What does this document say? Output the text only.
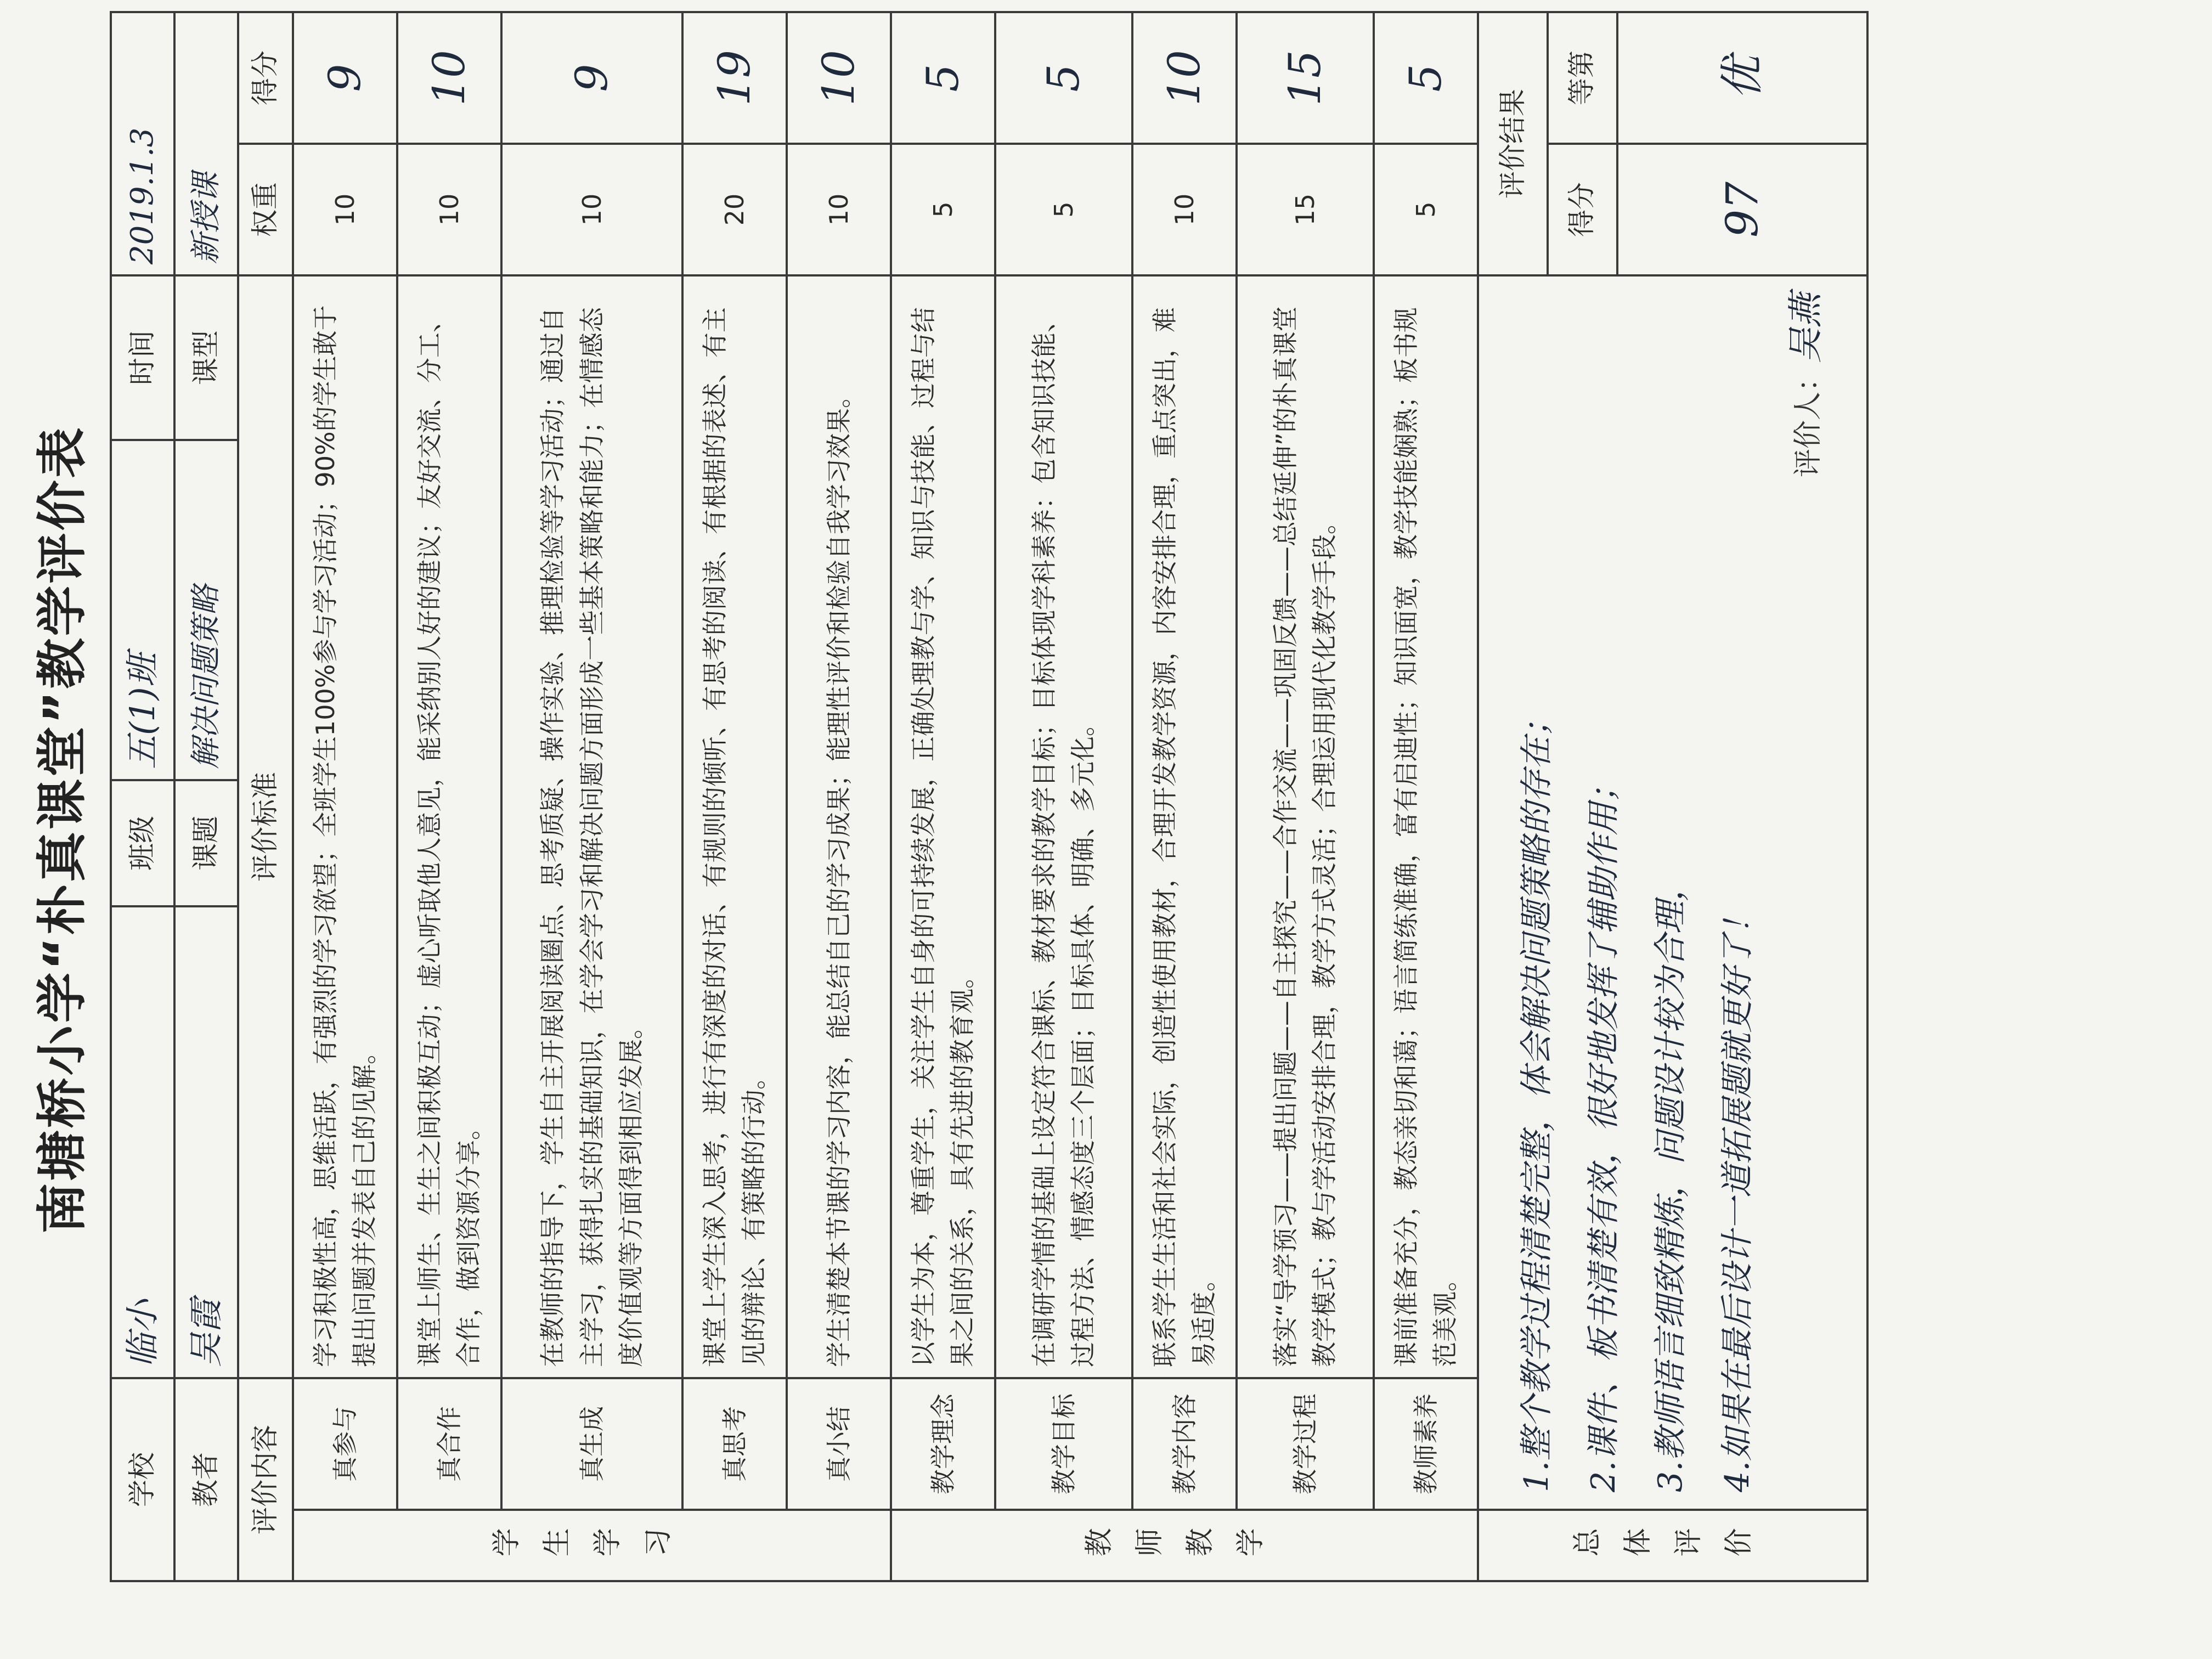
南塘桥小学“朴真课堂”教学评价表
学校		临小	班级	五(1)班	时间	2019.1.3	
教者		吴霞	课题	解决问题策略	课型	新授课	
评价内容		评价标准				权重	得分

学生学习	真参与	学习积极性高，思维活跃，有强烈的学习欲望；全班学生100%参与学习活动；90%的学生敢于提出问题并发表自己的见解。				10	9
	真合作	课堂上师生、生生之间积极互动；虚心听取他人意见，能采纳别人好的建议；友好交流、分工、合作，做到资源分享。				10	10
	真生成	在教师的指导下，学生自主开展阅读圈点、思考质疑、操作实验、推理检验等学习活动；通过自主学习，获得扎实的基础知识，在学会学习和解决问题方面形成一些基本策略和能力；在情感态度价值观等方面得到相应发展。				10	9
	真思考	课堂上学生深入思考，进行有深度的对话、有规则的倾听、有思考的阅读、有根据的表述、有主见的辩论、有策略的行动。				20	19
	真小结	学生清楚本节课的学习内容，能总结自己的学习成果；能理性评价和检验自我学习效果。				10	10

教师教学	教学理念	以学生为本，尊重学生，关注学生自身的可持续发展，正确处理教与学、知识与技能、过程与结果之间的关系，具有先进的教育观。				5	5
	教学目标	在调研学情的基础上设定符合课标、教材要求的教学目标；目标体现学科素养：包含知识技能、过程方法、情感态度三个层面；目标具体、明确、多元化。				5	5
	教学内容	联系学生生活和社会实际，创造性使用教材，合理开发教学资源，内容安排合理，重点突出，难易适度。				10	10
	教学过程	落实“导学预习——提出问题——自主探究——合作交流——巩固反馈——总结延伸”的朴真课堂教学模式；教与学活动安排合理，教学方式灵活；合理运用现代化教学手段。				15	15
	教师素养	课前准备充分，教态亲切和蔼；语言简练准确，富有启迪性；知识面宽，教学技能娴熟；板书规范美观。				5	5

总体评价	1.整个教学过程清楚完整，体会解决问题策略的存在； 2.课件、板书清楚有效，很好地发挥了辅助作用； 3.教师语言细致精炼，问题设计较为合理， 4.如果在最后设计一道拓展题就更好了！
评价人：吴燕					评价结果	
						得分	等第
						97	优
